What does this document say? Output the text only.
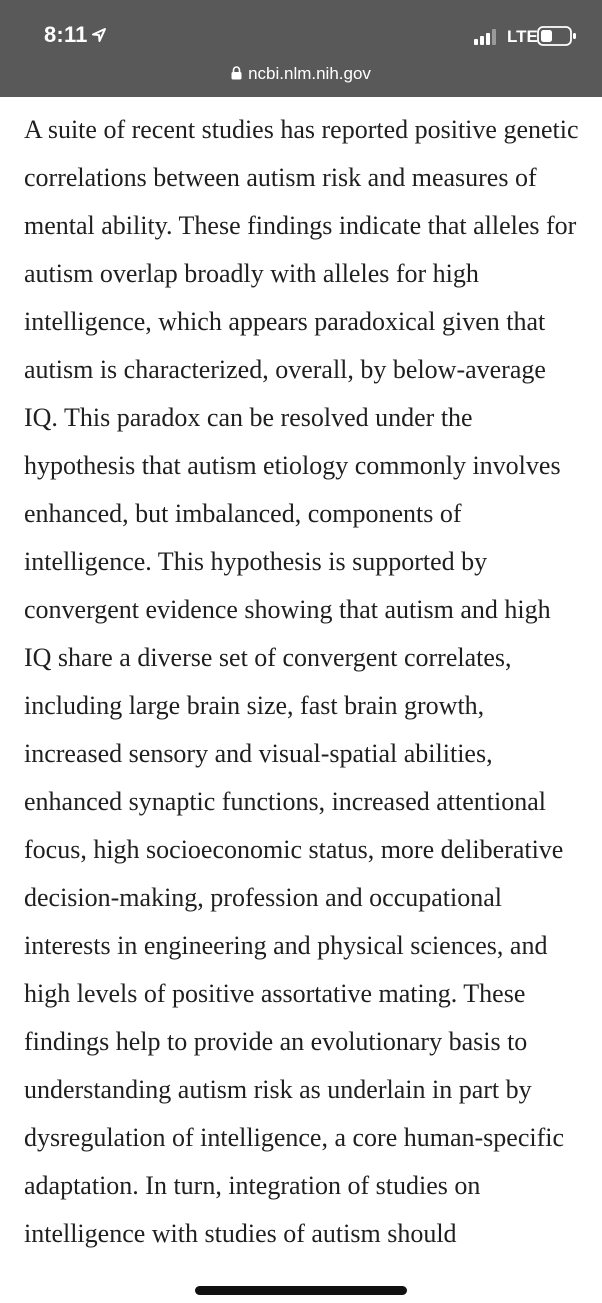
8:11	LTE
ncbi.nlm.nih.gov

A suite of recent studies has reported positive genetic correlations between autism risk and measures of mental ability. These findings indicate that alleles for autism overlap broadly with alleles for high intelligence, which appears paradoxical given that autism is characterized, overall, by below-average IQ. This paradox can be resolved under the hypothesis that autism etiology commonly involves enhanced, but imbalanced, components of intelligence. This hypothesis is supported by convergent evidence showing that autism and high IQ share a diverse set of convergent correlates, including large brain size, fast brain growth, increased sensory and visual-spatial abilities, enhanced synaptic functions, increased attentional focus, high socioeconomic status, more deliberative decision-making, profession and occupational interests in engineering and physical sciences, and high levels of positive assortative mating. These findings help to provide an evolutionary basis to understanding autism risk as underlain in part by dysregulation of intelligence, a core human-specific adaptation. In turn, integration of studies on intelligence with studies of autism should
